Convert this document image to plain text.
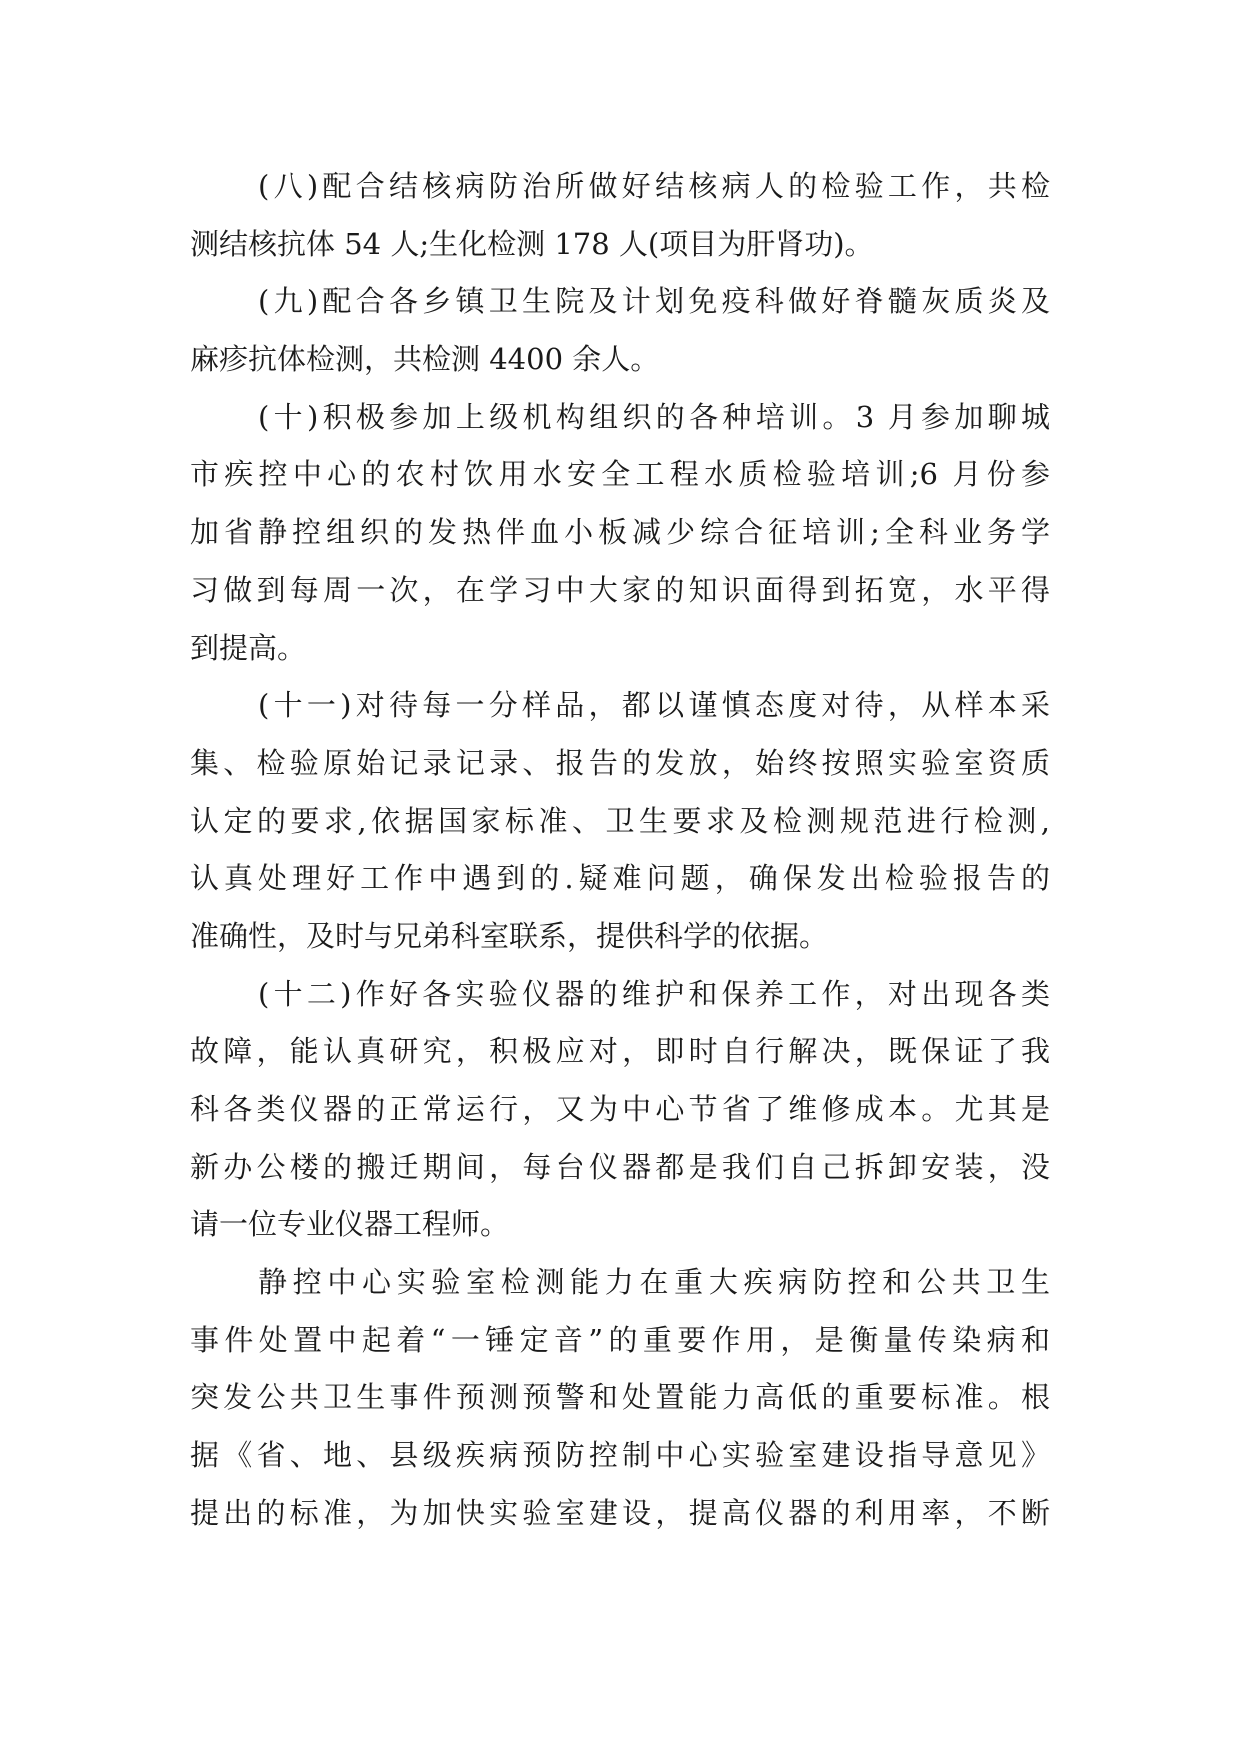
(八)配合结核病防治所做好结核病人的检验工作，共检
测结核抗体 54 人;生化检测 178 人(项目为肝肾功)。
(九)配合各乡镇卫生院及计划免疫科做好脊髓灰质炎及
麻疹抗体检测，共检测 4400 余人。
(十)积极参加上级机构组织的各种培训。3 月参加聊城
市疾控中心的农村饮用水安全工程水质检验培训;6 月份参
加省静控组织的发热伴血小板减少综合征培训;全科业务学
习做到每周一次，在学习中大家的知识面得到拓宽，水平得
到提高。
(十一)对待每一分样品，都以谨慎态度对待，从样本采
集、检验原始记录记录、报告的发放，始终按照实验室资质
认定的要求,依据国家标准、卫生要求及检测规范进行检测,
认真处理好工作中遇到的.疑难问题，确保发出检验报告的
准确性，及时与兄弟科室联系，提供科学的依据。
(十二)作好各实验仪器的维护和保养工作，对出现各类
故障，能认真研究，积极应对，即时自行解决，既保证了我
科各类仪器的正常运行，又为中心节省了维修成本。尤其是
新办公楼的搬迁期间，每台仪器都是我们自己拆卸安装，没
请一位专业仪器工程师。
静控中心实验室检测能力在重大疾病防控和公共卫生
事件处置中起着“一锤定音”的重要作用，是衡量传染病和
突发公共卫生事件预测预警和处置能力高低的重要标准。根
据《省、地、县级疾病预防控制中心实验室建设指导意见》
提出的标准，为加快实验室建设，提高仪器的利用率，不断
